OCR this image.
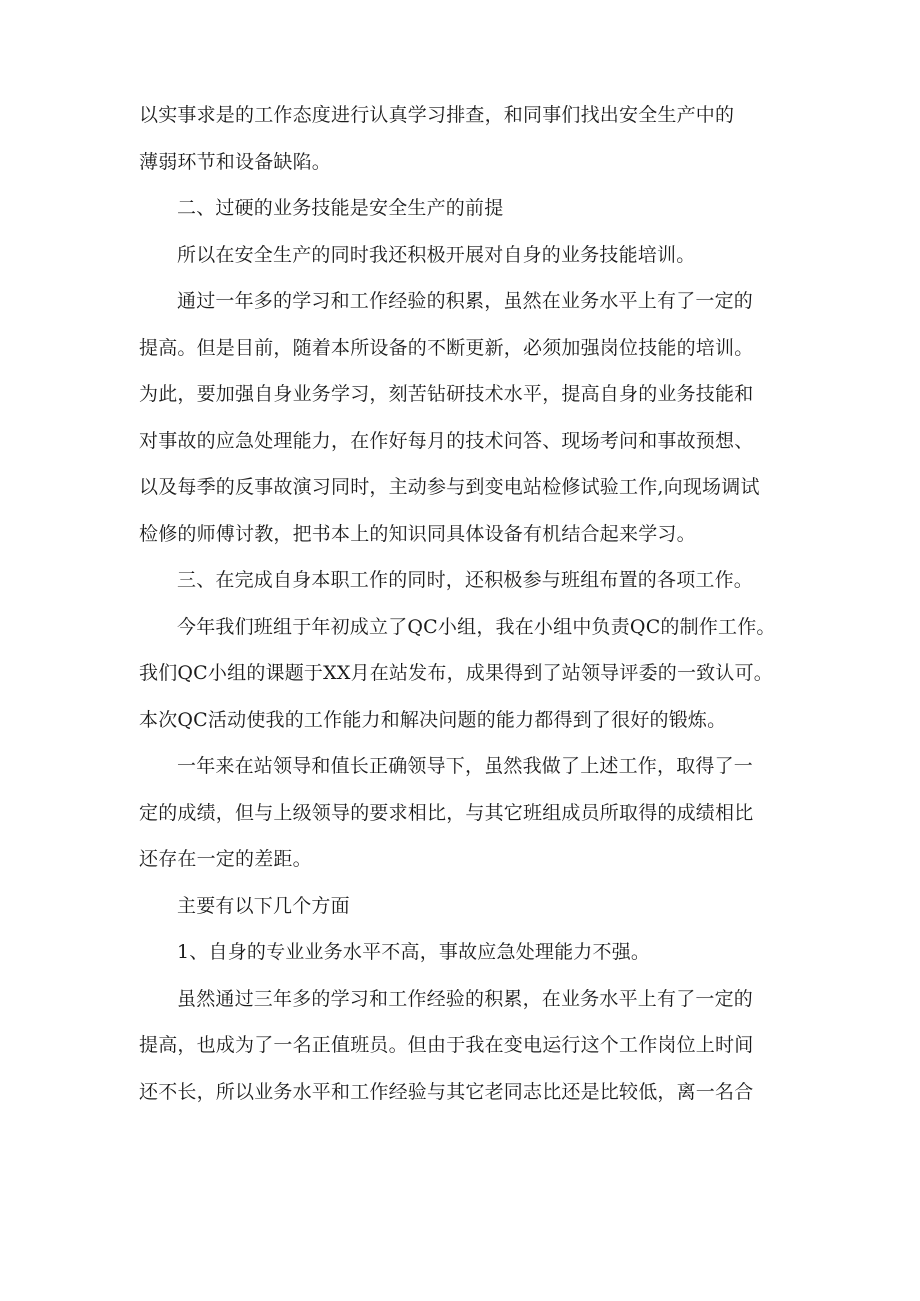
以实事求是的工作态度进行认真学习排查，和同事们找出安全生产中的

薄弱环节和设备缺陷。

二、过硬的业务技能是安全生产的前提

所以在安全生产的同时我还积极开展对自身的业务技能培训。

通过一年多的学习和工作经验的积累，虽然在业务水平上有了一定的

提高。但是目前，随着本所设备的不断更新，必须加强岗位技能的培训。

为此，要加强自身业务学习，刻苦钻研技术水平，提高自身的业务技能和

对事故的应急处理能力，在作好每月的技术问答、现场考问和事故预想、

以及每季的反事故演习同时，主动参与到变电站检修试验工作,向现场调试

检修的师傅讨教，把书本上的知识同具体设备有机结合起来学习。

三、在完成自身本职工作的同时，还积极参与班组布置的各项工作。

今年我们班组于年初成立了QC小组，我在小组中负责QC的制作工作。

我们QC小组的课题于XX月在站发布，成果得到了站领导评委的一致认可。

本次QC活动使我的工作能力和解决问题的能力都得到了很好的锻炼。

一年来在站领导和值长正确领导下，虽然我做了上述工作，取得了一

定的成绩，但与上级领导的要求相比，与其它班组成员所取得的成绩相比

还存在一定的差距。

主要有以下几个方面

1、自身的专业业务水平不高，事故应急处理能力不强。

虽然通过三年多的学习和工作经验的积累，在业务水平上有了一定的

提高，也成为了一名正值班员。但由于我在变电运行这个工作岗位上时间

还不长，所以业务水平和工作经验与其它老同志比还是比较低，离一名合
